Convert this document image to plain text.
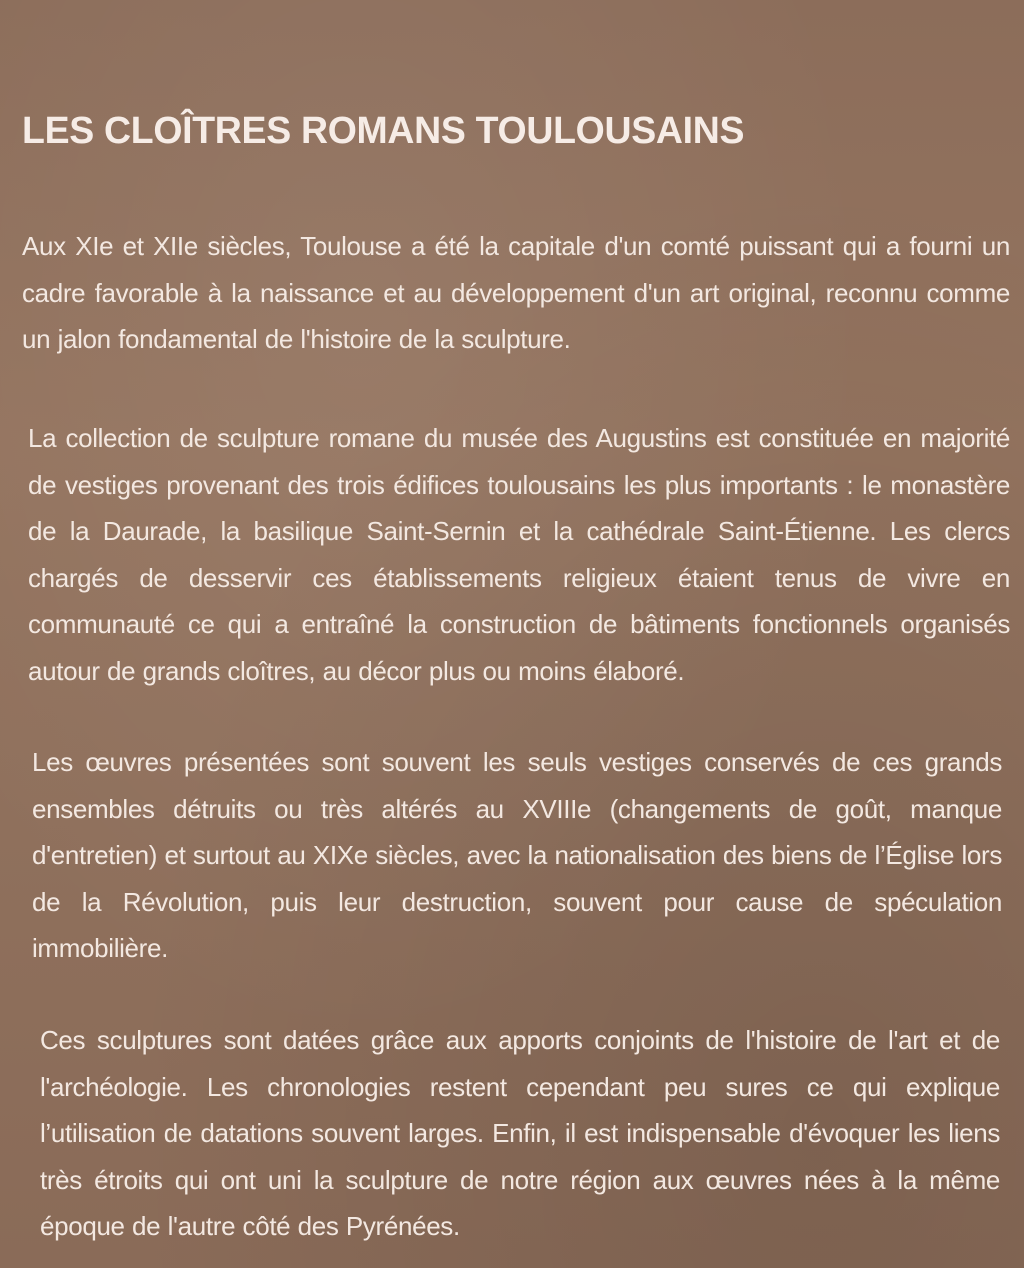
LES CLOÎTRES ROMANS TOULOUSAINS

Aux XIe et XIIe siècles, Toulouse a été la capitale d'un comté puissant qui a fourni un cadre favorable à la naissance et au développement d'un art original, reconnu comme un jalon fondamental de l'histoire de la sculpture.

La collection de sculpture romane du musée des Augustins est constituée en majorité de vestiges provenant des trois édifices toulousains les plus importants : le monastère de la Daurade, la basilique Saint-Sernin et la cathédrale Saint-Étienne. Les clercs chargés de desservir ces établissements religieux étaient tenus de vivre en communauté ce qui a entraîné la construction de bâtiments fonctionnels organisés autour de grands cloîtres, au décor plus ou moins élaboré.

Les œuvres présentées sont souvent les seuls vestiges conservés de ces grands ensembles détruits ou très altérés au XVIIIe (changements de goût, manque d'entretien) et surtout au XIXe siècles, avec la nationalisation des biens de l’Église lors de la Révolution, puis leur destruction, souvent pour cause de spéculation immobilière.

Ces sculptures sont datées grâce aux apports conjoints de l'histoire de l'art et de l'archéologie. Les chronologies restent cependant peu sures ce qui explique l’utilisation de datations souvent larges. Enfin, il est indispensable d'évoquer les liens très étroits qui ont uni la sculpture de notre région aux œuvres nées à la même époque de l'autre côté des Pyrénées.
